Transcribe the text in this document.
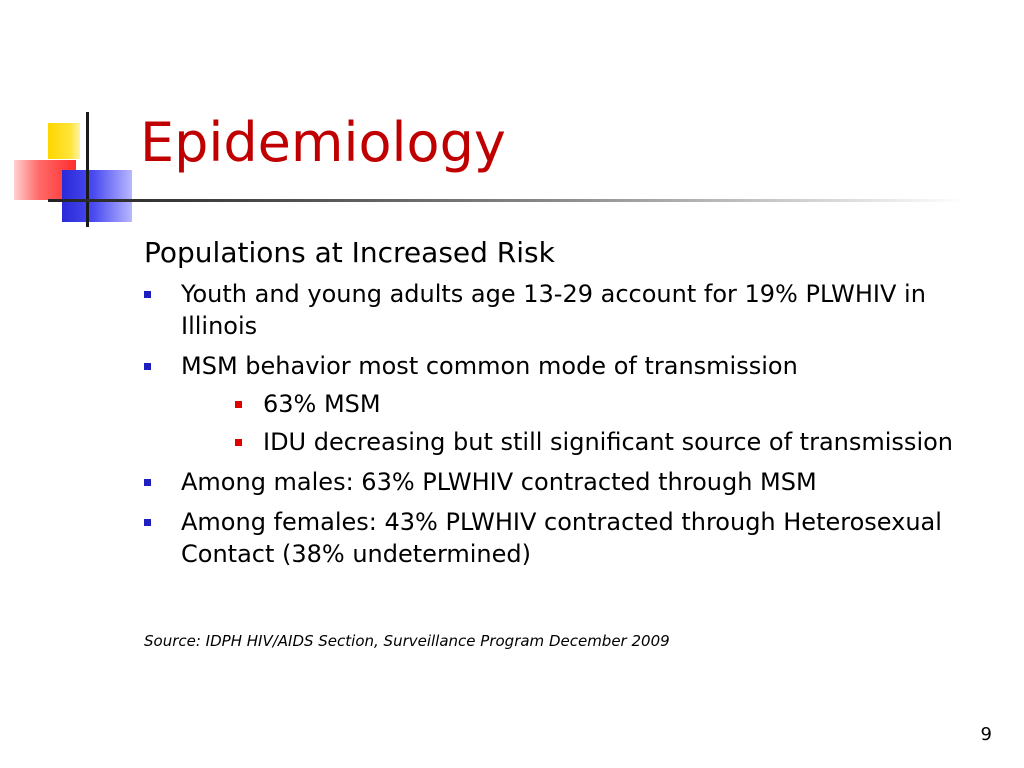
Epidemiology
Populations at Increased Risk
Youth and young adults age 13-29 account for 19% PLWHIV in Illinois
MSM behavior most common mode of transmission
63% MSM
IDU decreasing but still significant source of transmission
Among males: 63% PLWHIV contracted through MSM
Among females: 43% PLWHIV contracted through Heterosexual Contact (38% undetermined)
Source: IDPH HIV/AIDS Section, Surveillance Program December 2009
9
